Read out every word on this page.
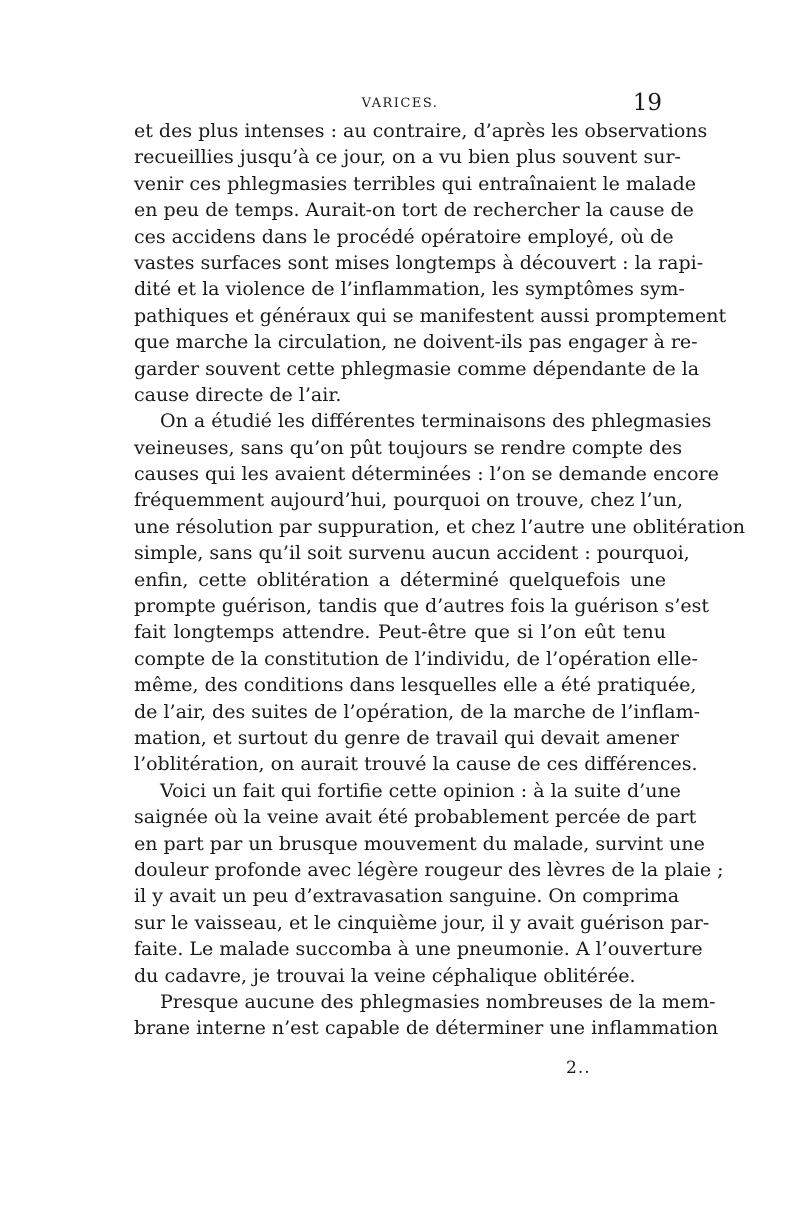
VARICES.	19
et des plus intenses : au contraire, d’après les observations
recueillies jusqu’à ce jour, on a vu bien plus souvent sur-
venir ces phlegmasies terribles qui entraînaient le malade
en peu de temps. Aurait-on tort de rechercher la cause de
ces accidens dans le procédé opératoire employé, où de
vastes surfaces sont mises longtemps à découvert : la rapi-
dité et la violence de l’inflammation, les symptômes sym-
pathiques et généraux qui se manifestent aussi promptement
que marche la circulation, ne doivent-ils pas engager à re-
garder souvent cette phlegmasie comme dépendante de la
cause directe de l’air.
On a étudié les différentes terminaisons des phlegmasies
veineuses, sans qu’on pût toujours se rendre compte des
causes qui les avaient déterminées : l’on se demande encore
fréquemment aujourd’hui, pourquoi on trouve, chez l’un,
une résolution par suppuration, et chez l’autre une oblitération
simple, sans qu’il soit survenu aucun accident : pourquoi,
enfin, cette oblitération a déterminé quelquefois une
prompte guérison, tandis que d’autres fois la guérison s’est
fait longtemps attendre. Peut-être que si l’on eût tenu
compte de la constitution de l’individu, de l’opération elle-
même, des conditions dans lesquelles elle a été pratiquée,
de l’air, des suites de l’opération, de la marche de l’inflam-
mation, et surtout du genre de travail qui devait amener
l’oblitération, on aurait trouvé la cause de ces différences.
Voici un fait qui fortifie cette opinion : à la suite d’une
saignée où la veine avait été probablement percée de part
en part par un brusque mouvement du malade, survint une
douleur profonde avec légère rougeur des lèvres de la plaie ;
il y avait un peu d’extravasation sanguine. On comprima
sur le vaisseau, et le cinquième jour, il y avait guérison par-
faite. Le malade succomba à une pneumonie. A l’ouverture
du cadavre, je trouvai la veine céphalique oblitérée.
Presque aucune des phlegmasies nombreuses de la mem-
brane interne n’est capable de déterminer une inflammation
2..
